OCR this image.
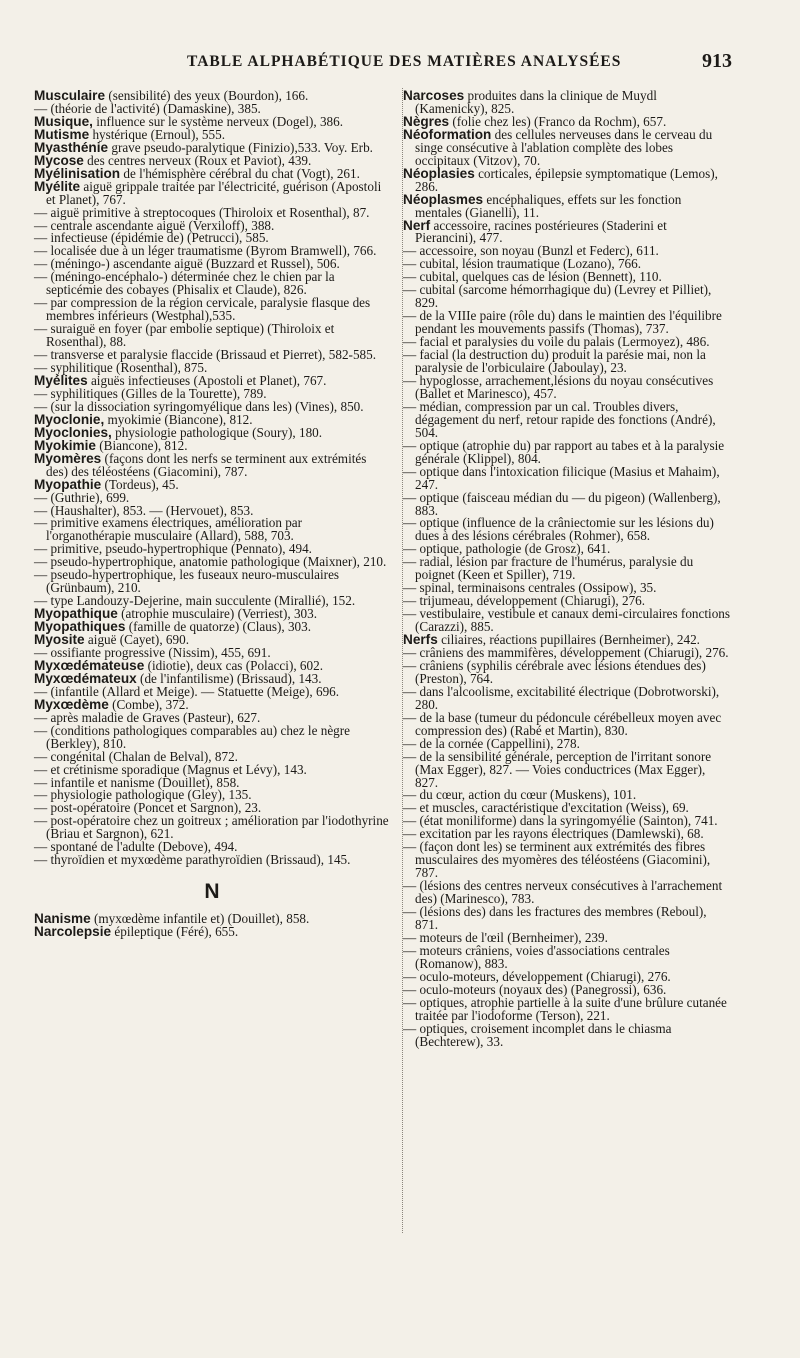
TABLE ALPHABÉTIQUE DES MATIÈRES ANALYSÉES	913

Musculaire (sensibilité) des yeux (Bourdon), 166.

— (théorie de l'activité) (Damaskine), 385.

Musique, influence sur le système nerveux (Dogel), 386.

Mutisme hystérique (Ernoul), 555.

Myasthénie grave pseudo-paralytique (Finizio),533. Voy. Erb.

Mycose des centres nerveux (Roux et Paviot), 439.

Myélinisation de l'hémisphère cérébral du chat (Vogt), 261.

Myélite aiguë grippale traitée par l'électricité, guérison (Apostoli et Planet), 767.

— aiguë primitive à streptocoques (Thiroloix et Rosenthal), 87.

— centrale ascendante aiguë (Verxiloff), 388.

— infectieuse (épidémie de) (Petrucci), 585.

— localisée due à un léger traumatisme (Byrom Bramwell), 766.

— (méningo-) ascendante aiguë (Buzzard et Russel), 506.

— (méningo-encéphalo-) déterminée chez le chien par la septicémie des cobayes (Phisalix et Claude), 826.

— par compression de la région cervicale, paralysie flasque des membres inférieurs (Westphal),535.

— suraiguë en foyer (par embolie septique) (Thiroloix et Rosenthal), 88.

— transverse et paralysie flaccide (Brissaud et Pierret), 582-585.

— syphilitique (Rosenthal), 875.

Myélites aiguës infectieuses (Apostoli et Planet), 767.

— syphilitiques (Gilles de la Tourette), 789.

— (sur la dissociation syringomyélique dans les) (Vines), 850.

Myoclonie, myokimie (Biancone), 812.

Myoclonies, physiologie pathologique (Soury), 180.

Myokimie (Biancone), 812.

Myomères (façons dont les nerfs se terminent aux extrémités des) des téléostéens (Giacomini), 787.

Myopathie (Tordeus), 45.

— (Guthrie), 699.

— (Haushalter), 853. — (Hervouet), 853.

— primitive examens électriques, amélioration par l'organothérapie musculaire (Allard), 588, 703.

— primitive, pseudo-hypertrophique (Pennato), 494.

— pseudo-hypertrophique, anatomie pathologique (Maixner), 210.

— pseudo-hypertrophique, les fuseaux neuro-musculaires (Grünbaum), 210.

— type Landouzy-Dejerine, main succulente (Mirallié), 152.

Myopathique (atrophie musculaire) (Verriest), 303.

Myopathiques (famille de quatorze) (Claus), 303.

Myosite aiguë (Cayet), 690.

— ossifiante progressive (Nissim), 455, 691.

Myxœdémateuse (idiotie), deux cas (Polacci), 602.

Myxœdémateux (de l'infantilisme) (Brissaud), 143.

— (infantile (Allard et Meige). — Statuette (Meige), 696.

Myxœdème (Combe), 372.

— après maladie de Graves (Pasteur), 627.

— (conditions pathologiques comparables au) chez le nègre (Berkley), 810.

— congénital (Chalan de Belval), 872.

— et crétinisme sporadique (Magnus et Lévy), 143.

— infantile et nanisme (Douillet), 858.

— physiologie pathologique (Gley), 135.

— post-opératoire (Poncet et Sargnon), 23.

— post-opératoire chez un goitreux ; amélioration par l'iodothyrine (Briau et Sargnon), 621.

— spontané de l'adulte (Debove), 494.

— thyroïdien et myxœdème parathyroïdien (Brissaud), 145.

N

Nanisme (myxœdème infantile et) (Douillet), 858.

Narcolepsie épileptique (Féré), 655.

Narcoses produites dans la clinique de Muydl (Kamenicky), 825.

Nègres (folie chez les) (Franco da Rochm), 657.

Néoformation des cellules nerveuses dans le cerveau du singe consécutive à l'ablation complète des lobes occipitaux (Vitzov), 70.

Néoplasies corticales, épilepsie symptomatique (Lemos), 286.

Néoplasmes encéphaliques, effets sur les fonction mentales (Gianelli), 11.

Nerf accessoire, racines postérieures (Staderini et Pierancini), 477.

— accessoire, son noyau (Bunzl et Federc), 611.

— cubital, lésion traumatique (Lozano), 766.

— cubital, quelques cas de lésion (Bennett), 110.

— cubital (sarcome hémorrhagique du) (Levrey et Pilliet), 829.

— de la VIIIe paire (rôle du) dans le maintien des l'équilibre pendant les mouvements passifs (Thomas), 737.

— facial et paralysies du voile du palais (Lermoyez), 486.

— facial (la destruction du) produit la parésie mai, non la paralysie de l'orbiculaire (Jaboulay), 23.

— hypoglosse, arrachement,lésions du noyau consécutives (Ballet et Marinesco), 457.

— médian, compression par un cal. Troubles divers, dégagement du nerf, retour rapide des fonctions (André), 504.

— optique (atrophie du) par rapport au tabes et à la paralysie générale (Klippel), 804.

— optique dans l'intoxication filicique (Masius et Mahaim), 247.

— optique (faisceau médian du — du pigeon) (Wallenberg), 883.

— optique (influence de la crâniectomie sur les lésions du) dues à des lésions cérébrales (Rohmer), 658.

— optique, pathologie (de Grosz), 641.

— radial, lésion par fracture de l'humérus, paralysie du poignet (Keen et Spiller), 719.

— spinal, terminaisons centrales (Ossipow), 35.

— trijumeau, développement (Chiarugi), 276.

— vestibulaire, vestibule et canaux demi-circulaires fonctions (Carazzi), 885.

Nerfs ciliaires, réactions pupillaires (Bernheimer), 242.

— crâniens des mammifères, développement (Chiarugi), 276.

— crâniens (syphilis cérébrale avec lésions étendues des) (Preston), 764.

— dans l'alcoolisme, excitabilité électrique (Dobrotworski), 280.

— de la base (tumeur du pédoncule cérébelleux moyen avec compression des) (Rabé et Martin), 830.

— de la cornée (Cappellini), 278.

— de la sensibilité générale, perception de l'irritant sonore (Max Egger), 827. — Voies conductrices (Max Egger), 827.

— du cœur, action du cœur (Muskens), 101.

— et muscles, caractéristique d'excitation (Weiss), 69.

— (état moniliforme) dans la syringomyélie (Sainton), 741.

— excitation par les rayons électriques (Damlewski), 68.

— (façon dont les) se terminent aux extrémités des fibres musculaires des myomères des téléostéens (Giacomini), 787.

— (lésions des centres nerveux consécutives à l'arrachement des) (Marinesco), 783.

— (lésions des) dans les fractures des membres (Reboul), 871.

— moteurs de l'œil (Bernheimer), 239.

— moteurs crâniens, voies d'associations centrales (Romanow), 883.

— oculo-moteurs, développement (Chiarugi), 276.

— oculo-moteurs (noyaux des) (Panegrossi), 636.

— optiques, atrophie partielle à la suite d'une brûlure cutanée traitée par l'iodoforme (Terson), 221.

— optiques, croisement incomplet dans le chiasma (Bechterew), 33.
